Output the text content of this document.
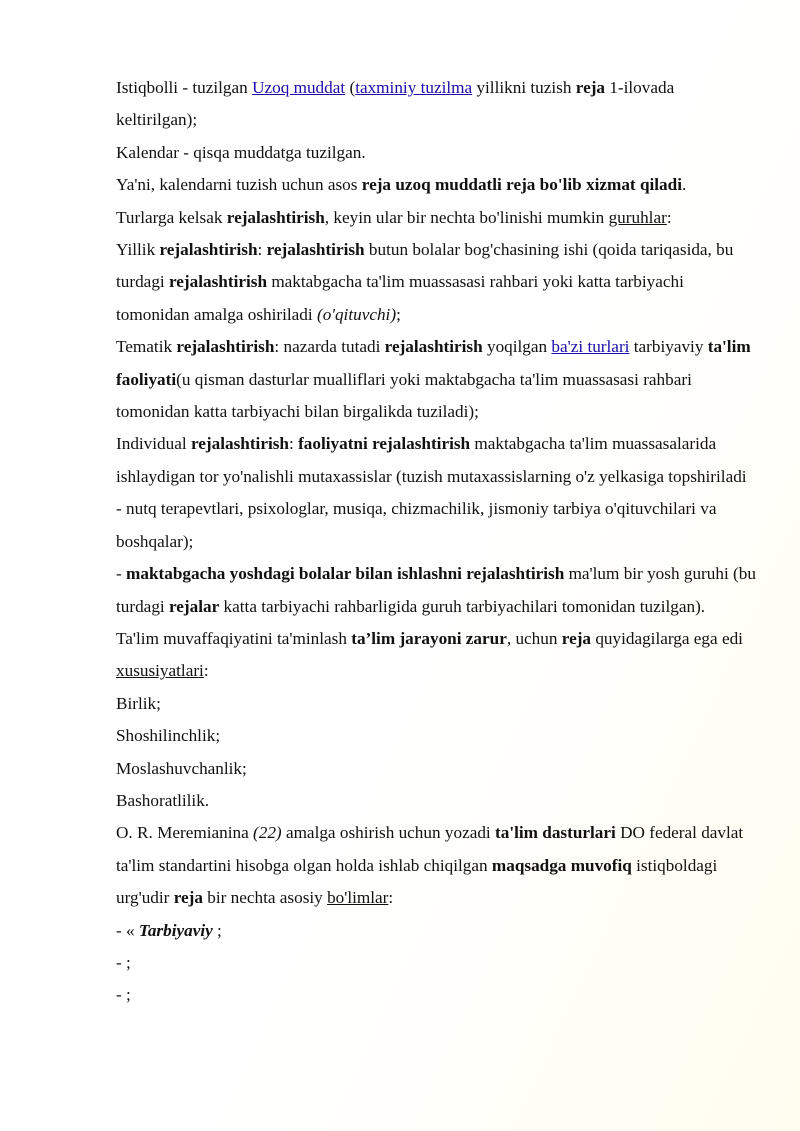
Istiqbolli - tuzilgan Uzoq muddat (taxminiy tuzilma yillikni tuzish reja 1-ilovada keltirilgan);

Kalendar - qisqa muddatga tuzilgan.

Ya'ni, kalendarni tuzish uchun asos reja uzoq muddatli reja bo'lib xizmat qiladi.

Turlarga kelsak rejalashtirish, keyin ular bir nechta bo'linishi mumkin guruhlar:

Yillik rejalashtirish: rejalashtirish butun bolalar bog'chasining ishi (qoida tariqasida, bu turdagi rejalashtirish maktabgacha ta'lim muassasasi rahbari yoki katta tarbiyachi tomonidan amalga oshiriladi (o'qituvchi);

Tematik rejalashtirish: nazarda tutadi rejalashtirish yoqilgan ba'zi turlari tarbiyaviy ta'lim faoliyati(u qisman dasturlar mualliflari yoki maktabgacha ta'lim muassasasi rahbari tomonidan katta tarbiyachi bilan birgalikda tuziladi);

Individual rejalashtirish: faoliyatni rejalashtirish maktabgacha ta'lim muassasalarida ishlaydigan tor yo'nalishli mutaxassislar (tuzish mutaxassislarning o'z yelkasiga topshiriladi - nutq terapevtlari, psixologlar, musiqa, chizmachilik, jismoniy tarbiya o'qituvchilari va boshqalar);

- maktabgacha yoshdagi bolalar bilan ishlashni rejalashtirish ma'lum bir yosh guruhi (bu turdagi rejalar katta tarbiyachi rahbarligida guruh tarbiyachilari tomonidan tuzilgan).

Ta'lim muvaffaqiyatini ta'minlash ta’lim jarayoni zarur, uchun reja quyidagilarga ega edi xususiyatlari:

Birlik;

Shoshilinchlik;

Moslashuvchanlik;

Bashoratlilik.

O. R. Meremianina (22) amalga oshirish uchun yozadi ta'lim dasturlari DO federal davlat ta'lim standartini hisobga olgan holda ishlab chiqilgan maqsadga muvofiq istiqboldagi urg'udir reja bir nechta asosiy bo'limlar:

- « Tarbiyaviy ;

- ;

- ;
